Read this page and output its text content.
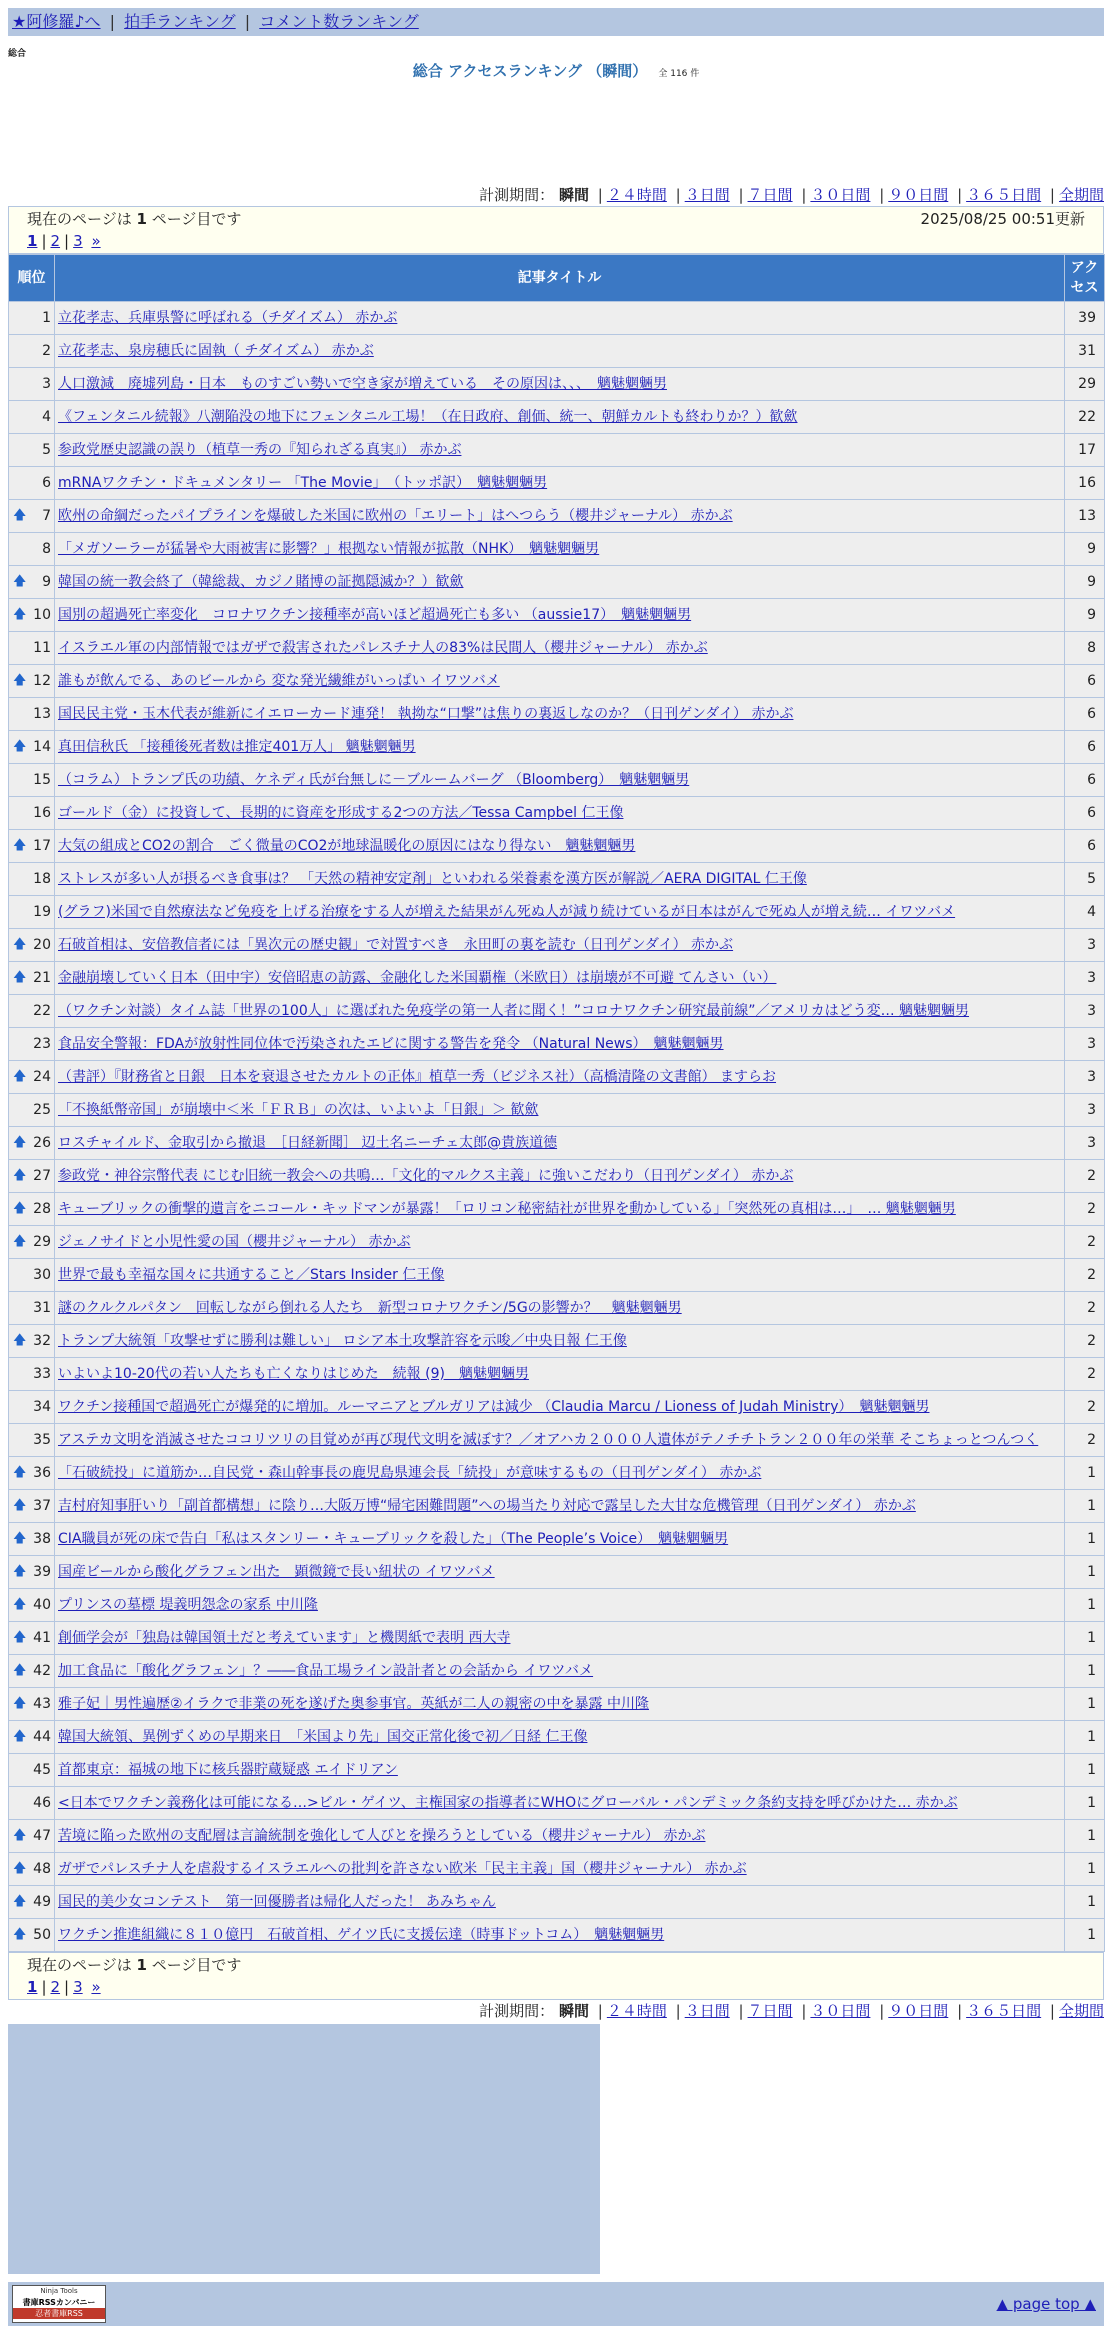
★阿修羅♪へ | 拍手ランキング | コメント数ランキング
総合
総合 アクセスランキング （瞬間） 全 116 件
計測期間： 瞬間 | ２４時間 | ３日間 | ７日間 | ３０日間 | ９０日間 | ３６５日間 | 全期間
現在のページは 1 ページ目です	2025/08/25 00:51更新
1 | 2 | 3 »
順位	記事タイトル	アクセス
1	立花孝志、兵庫県警に呼ばれる（チダイズム） 赤かぶ	39
2	立花孝志、泉房穂氏に固執（ チダイズム） 赤かぶ	31
3	人口激減　廃墟列島・日本　ものすごい勢いで空き家が増えている　その原因は、、、　魑魅魍魎男	29
4	《フェンタニル続報》八潮陥没の地下にフェンタニル工場！（在日政府、創価、統一、朝鮮カルトも終わりか？）歓歛	22
5	参政党歴史認識の誤り（植草一秀の『知られざる真実』） 赤かぶ	17
6	mRNAワクチン・ドキュメンタリー 「The Movie」　（トッポ訳）　魑魅魍魎男	16

🡅 7	欧州の命綱だったパイプラインを爆破した米国に欧州の「エリート」はへつらう（櫻井ジャーナル） 赤かぶ	13
8	「メガソーラーが猛暑や大雨被害に影響？」根拠ない情報が拡散（NHK）　魑魅魍魎男	9

🡅 9	韓国の統一教会終了（韓総裁、カジノ賭博の証拠隠滅か？）歓歛	9

🡅 10	国別の超過死亡率変化　コロナワクチン接種率が高いほど超過死亡も多い （aussie17）　魑魅魍魎男	9
11	イスラエル軍の内部情報ではガザで殺害されたパレスチナ人の83%は民間人（櫻井ジャーナル） 赤かぶ	8

🡅 12	誰もが飲んでる、あのビールから 変な発光繊維がいっぱい イワツバメ	6
13	国民民主党・玉木代表が維新にイエローカード連発！ 執拗な“口撃”は焦りの裏返しなのか？（日刊ゲンダイ） 赤かぶ	6

🡅 14	真田信秋氏 「接種後死者数は推定401万人」 魑魅魍魎男	6
15	（コラム）トランプ氏の功績、ケネディ氏が台無しに－ブルームバーグ （Bloomberg）　魑魅魍魎男	6
16	ゴールド（金）に投資して、長期的に資産を形成する2つの方法／Tessa Campbel 仁王像	6

🡅 17	大気の組成とCO2の割合　ごく微量のCO2が地球温暖化の原因にはなり得ない　魑魅魍魎男	6
18	ストレスが多い人が摂るべき食事は？ 「天然の精神安定剤」といわれる栄養素を漢方医が解説／AERA DIGITAL 仁王像	5
19	(グラフ)米国で自然療法など免疫を上げる治療をする人が増えた結果がん死ぬ人が減り続けているが日本はがんで死ぬ人が増え続… イワツバメ	4

🡅 20	石破首相は、安倍教信者には「異次元の歴史観」で対置すべき　永田町の裏を読む（日刊ゲンダイ） 赤かぶ	3

🡅 21	金融崩壊していく日本（田中宇）安倍昭恵の訪露、金融化した米国覇権（米欧日）は崩壊が不可避 てんさい（い）	3
22	（ワクチン対談）タイム誌「世界の100人」に選ばれた免疫学の第一人者に聞く！”コロナワクチン研究最前線”／アメリカはどう変… 魑魅魍魎男	3
23	食品安全警報：FDAが放射性同位体で汚染されたエビに関する警告を発令 （Natural News）　魑魅魍魎男	3

🡅 24	（書評）『財務省と日銀　日本を衰退させたカルトの正体』植草一秀（ビジネス社）（高橋清隆の文書館） ますらお	3
25	「不換紙幣帝国」が崩壊中＜米「ＦＲＢ」の次は、いよいよ「日銀」＞ 歓歛	3

🡅 26	ロスチャイルド、金取引から撤退　［日経新聞］ 辺土名ニーチェ太郎@貴族道德	3

🡅 27	参政党・神谷宗幣代表 にじむ旧統一教会への共鳴…「文化的マルクス主義」に強いこだわり（日刊ゲンダイ） 赤かぶ	2

🡅 28	キューブリックの衝撃的遺言をニコール・キッドマンが暴露！「ロリコン秘密結社が世界を動かしている」「突然死の真相は…」　… 魑魅魍魎男	2

🡅 29	ジェノサイドと小児性愛の国（櫻井ジャーナル） 赤かぶ	2
30	世界で最も幸福な国々に共通すること／Stars Insider 仁王像	2
31	謎のクルクルパタン　回転しながら倒れる人たち　新型コロナワクチン/5Gの影響か？　魑魅魍魎男	2

🡅 32	トランプ大統領「攻撃せずに勝利は難しい」 ロシア本土攻撃許容を示唆／中央日報 仁王像	2
33	いよいよ10-20代の若い人たちも亡くなりはじめた　続報 (9)　魑魅魍魎男	2
34	ワクチン接種国で超過死亡が爆発的に増加。ルーマニアとブルガリアは減少 （Claudia Marcu / Lioness of Judah Ministry）　魑魅魍魎男	2
35	アステカ文明を消滅させたココリツリの目覚めが再び現代文明を滅ぼす？／オアハカ２０００人遺体がテノチチトラン２００年の栄華 そこちょっとつんつく	2

🡅 36	「石破続投」に道筋か…自民党・森山幹事長の鹿児島県連会長「続投」が意味するもの（日刊ゲンダイ） 赤かぶ	1

🡅 37	吉村府知事肝いり「副首都構想」に陰り…大阪万博“帰宅困難問題”への場当たり対応で露呈した大甘な危機管理（日刊ゲンダイ） 赤かぶ	1

🡅 38	CIA職員が死の床で告白「私はスタンリー・キューブリックを殺した」（The People’s Voice）　魑魅魍魎男	1

🡅 39	国産ビールから酸化グラフェン出た　顕微鏡で長い紐状の イワツバメ	1

🡅 40	プリンスの墓標 堤義明怨念の家系 中川隆	1

🡅 41	創価学会が「独島は韓国領土だと考えています」と機関紙で表明 西大寺	1

🡅 42	加工食品に「酸化グラフェン」？――食品工場ライン設計者との会話から イワツバメ	1

🡅 43	雅子妃｜男性遍歴②イラクで非業の死を遂げた奥参事官。英紙が二人の親密の中を暴露 中川隆	1

🡅 44	韓国大統領、異例ずくめの早期来日　「米国より先」国交正常化後で初／日経 仁王像	1
45	首都東京：福城の地下に核兵器貯蔵疑惑 エイドリアン	1
46	<日本でワクチン義務化は可能になる…>ビル・ゲイツ、主権国家の指導者にWHOにグローバル・パンデミック条約支持を呼びかけた… 赤かぶ	1

🡅 47	苦境に陥った欧州の支配層は言論統制を強化して人びとを操ろうとしている（櫻井ジャーナル） 赤かぶ	1

🡅 48	ガザでパレスチナ人を虐殺するイスラエルへの批判を許さない欧米「民主主義」国（櫻井ジャーナル） 赤かぶ	1

🡅 49	国民的美少女コンテスト　第一回優勝者は帰化人だった！ あみちゃん	1

🡅 50	ワクチン推進組織に８１０億円　石破首相、ゲイツ氏に支援伝達（時事ドットコム）　魑魅魍魎男	1
現在のページは 1 ページ目です
1 | 2 | 3 »
計測期間： 瞬間 | ２４時間 | ３日間 | ７日間 | ３０日間 | ９０日間 | ３６５日間 | 全期間
Ninja Tools
書庫RSSカンパニー
忍者書庫RSS
▲ page top ▲
